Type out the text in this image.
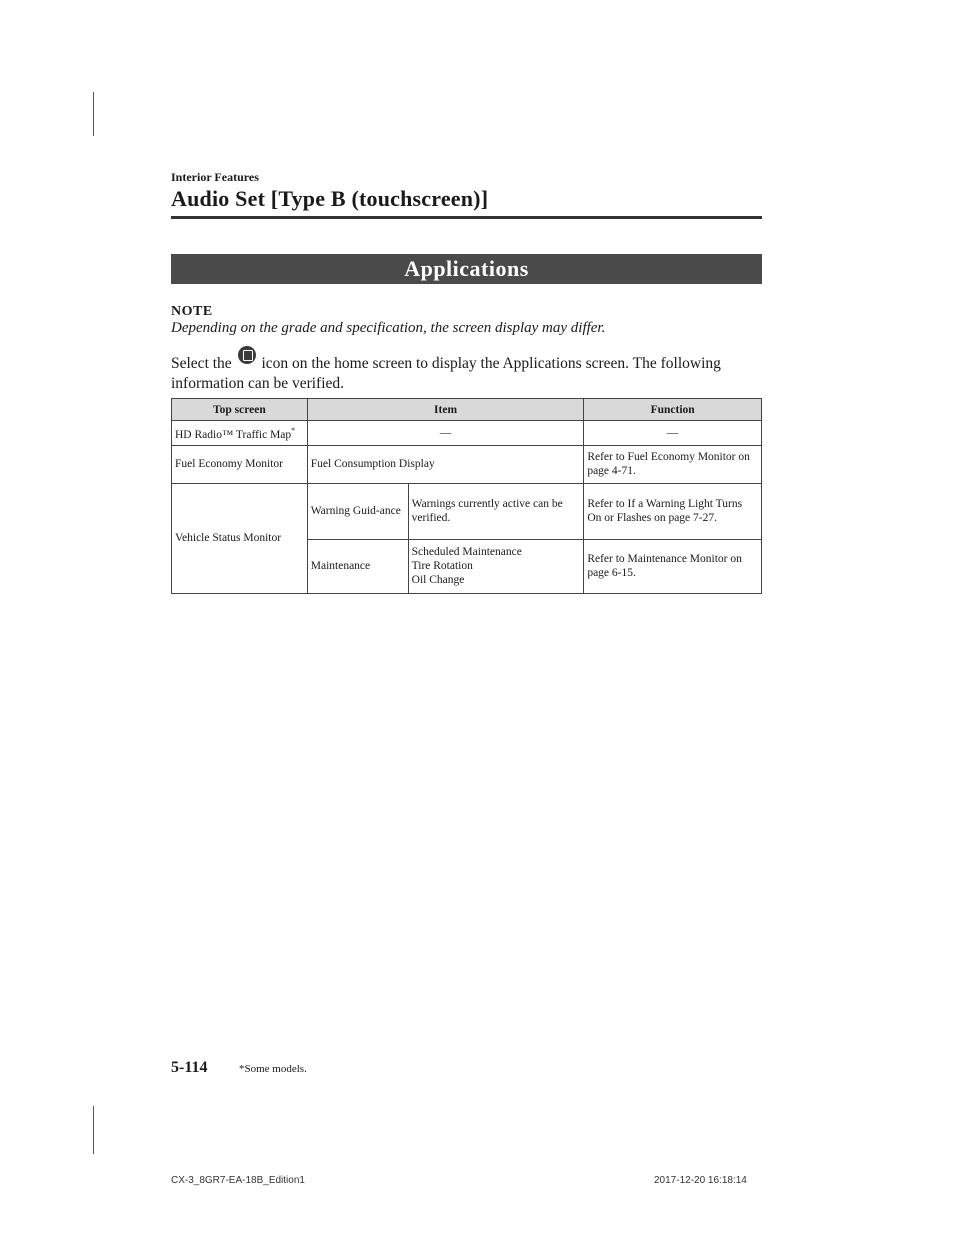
Interior Features
Audio Set [Type B (touchscreen)]
Applications
NOTE
Depending on the grade and specification, the screen display may differ.
Select the icon on the home screen to display the Applications screen. The following information can be verified.
Top screen	Item		Function
HD Radio™ Traffic Map*	—		—
Fuel Economy Monitor	Fuel Consumption Display		Refer to Fuel Economy Monitor on page 4-71.
Vehicle Status Monitor	Warning Guid-ance	Warnings currently active can be verified.	Refer to If a Warning Light Turns On or Flashes on page 7-27.
	Maintenance	Scheduled Maintenance
Tire Rotation
Oil Change	Refer to Maintenance Monitor on page 6-15.
5-114	*Some models.
CX-3_8GR7-EA-18B_Edition1	2017-12-20 16:18:14
